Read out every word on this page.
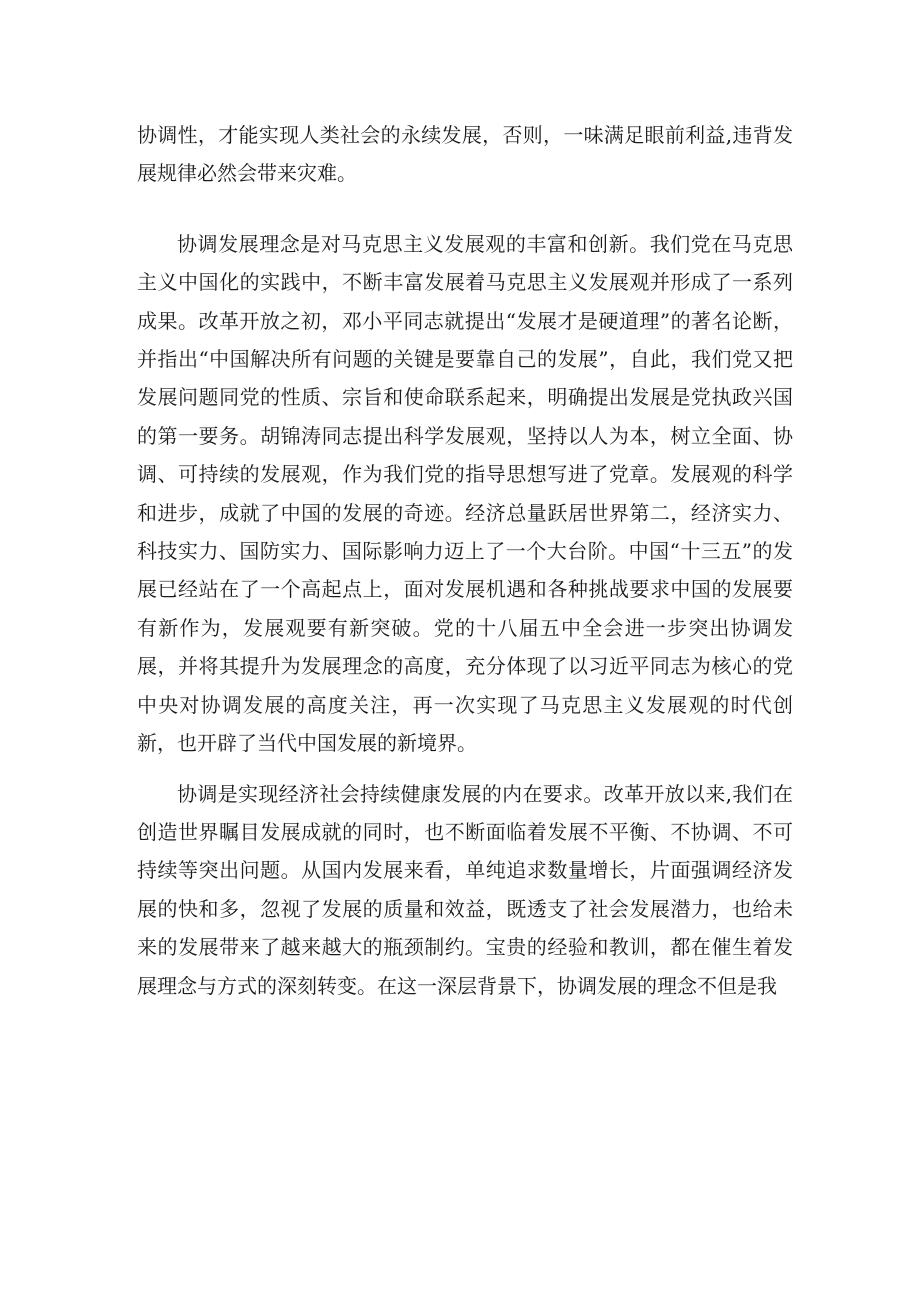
协调性，才能实现人类社会的永续发展，否则，一味满足眼前利益,违背发展规律必然会带来灾难。

协调发展理念是对马克思主义发展观的丰富和创新。我们党在马克思主义中国化的实践中，不断丰富发展着马克思主义发展观并形成了一系列成果。改革开放之初，邓小平同志就提出“发展才是硬道理”的著名论断，并指出“中国解决所有问题的关键是要靠自己的发展”，自此，我们党又把发展问题同党的性质、宗旨和使命联系起来，明确提出发展是党执政兴国的第一要务。胡锦涛同志提出科学发展观，坚持以人为本，树立全面、协调、可持续的发展观，作为我们党的指导思想写进了党章。发展观的科学和进步，成就了中国的发展的奇迹。经济总量跃居世界第二，经济实力、科技实力、国防实力、国际影响力迈上了一个大台阶。中国“十三五”的发展已经站在了一个高起点上，面对发展机遇和各种挑战要求中国的发展要有新作为，发展观要有新突破。党的十八届五中全会进一步突出协调发展，并将其提升为发展理念的高度，充分体现了以习近平同志为核心的党中央对协调发展的高度关注，再一次实现了马克思主义发展观的时代创新，也开辟了当代中国发展的新境界。

协调是实现经济社会持续健康发展的内在要求。改革开放以来,我们在创造世界瞩目发展成就的同时，也不断面临着发展不平衡、不协调、不可持续等突出问题。从国内发展来看，单纯追求数量增长，片面强调经济发展的快和多，忽视了发展的质量和效益，既透支了社会发展潜力，也给未来的发展带来了越来越大的瓶颈制约。宝贵的经验和教训，都在催生着发展理念与方式的深刻转变。在这一深层背景下，协调发展的理念不但是我
